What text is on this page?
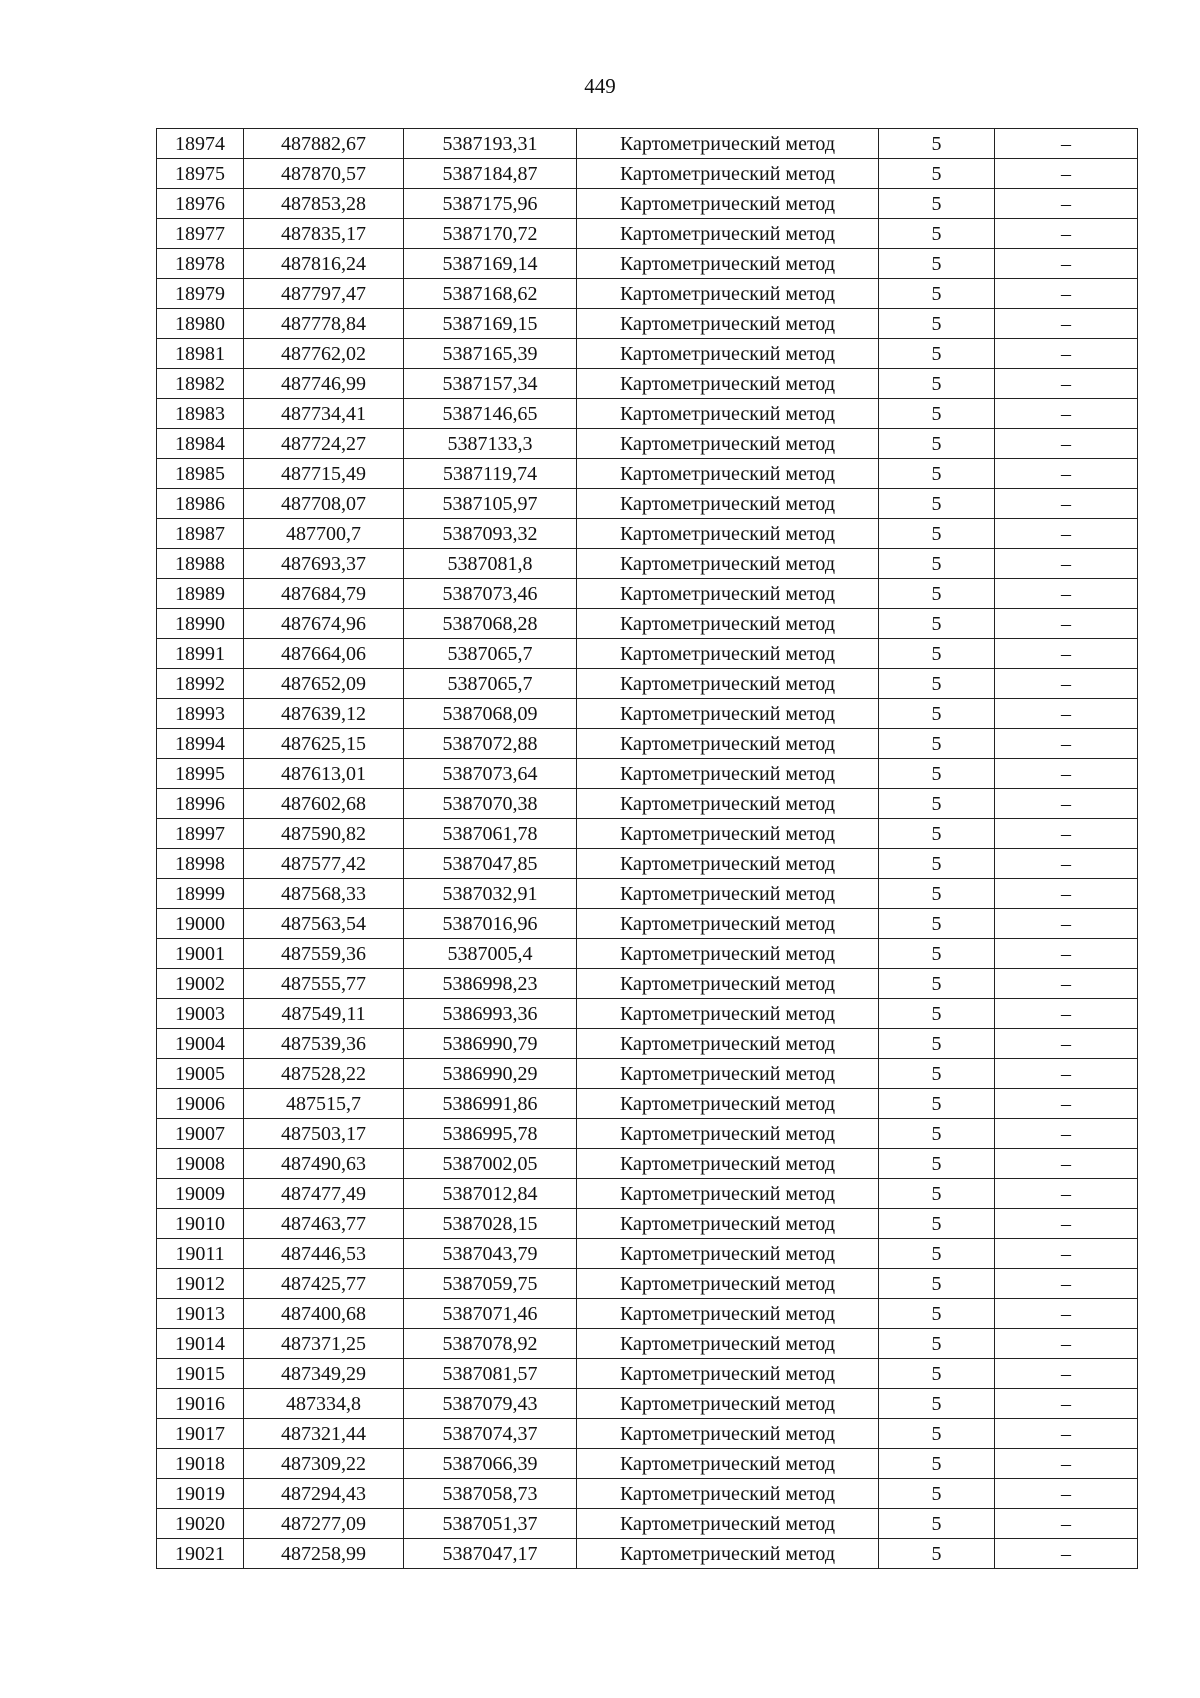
449
18974	487882,67	5387193,31	Картометрический метод	5	–
18975	487870,57	5387184,87	Картометрический метод	5	–
18976	487853,28	5387175,96	Картометрический метод	5	–
18977	487835,17	5387170,72	Картометрический метод	5	–
18978	487816,24	5387169,14	Картометрический метод	5	–
18979	487797,47	5387168,62	Картометрический метод	5	–
18980	487778,84	5387169,15	Картометрический метод	5	–
18981	487762,02	5387165,39	Картометрический метод	5	–
18982	487746,99	5387157,34	Картометрический метод	5	–
18983	487734,41	5387146,65	Картометрический метод	5	–
18984	487724,27	5387133,3	Картометрический метод	5	–
18985	487715,49	5387119,74	Картометрический метод	5	–
18986	487708,07	5387105,97	Картометрический метод	5	–
18987	487700,7	5387093,32	Картометрический метод	5	–
18988	487693,37	5387081,8	Картометрический метод	5	–
18989	487684,79	5387073,46	Картометрический метод	5	–
18990	487674,96	5387068,28	Картометрический метод	5	–
18991	487664,06	5387065,7	Картометрический метод	5	–
18992	487652,09	5387065,7	Картометрический метод	5	–
18993	487639,12	5387068,09	Картометрический метод	5	–
18994	487625,15	5387072,88	Картометрический метод	5	–
18995	487613,01	5387073,64	Картометрический метод	5	–
18996	487602,68	5387070,38	Картометрический метод	5	–
18997	487590,82	5387061,78	Картометрический метод	5	–
18998	487577,42	5387047,85	Картометрический метод	5	–
18999	487568,33	5387032,91	Картометрический метод	5	–
19000	487563,54	5387016,96	Картометрический метод	5	–
19001	487559,36	5387005,4	Картометрический метод	5	–
19002	487555,77	5386998,23	Картометрический метод	5	–
19003	487549,11	5386993,36	Картометрический метод	5	–
19004	487539,36	5386990,79	Картометрический метод	5	–
19005	487528,22	5386990,29	Картометрический метод	5	–
19006	487515,7	5386991,86	Картометрический метод	5	–
19007	487503,17	5386995,78	Картометрический метод	5	–
19008	487490,63	5387002,05	Картометрический метод	5	–
19009	487477,49	5387012,84	Картометрический метод	5	–
19010	487463,77	5387028,15	Картометрический метод	5	–
19011	487446,53	5387043,79	Картометрический метод	5	–
19012	487425,77	5387059,75	Картометрический метод	5	–
19013	487400,68	5387071,46	Картометрический метод	5	–
19014	487371,25	5387078,92	Картометрический метод	5	–
19015	487349,29	5387081,57	Картометрический метод	5	–
19016	487334,8	5387079,43	Картометрический метод	5	–
19017	487321,44	5387074,37	Картометрический метод	5	–
19018	487309,22	5387066,39	Картометрический метод	5	–
19019	487294,43	5387058,73	Картометрический метод	5	–
19020	487277,09	5387051,37	Картометрический метод	5	–
19021	487258,99	5387047,17	Картометрический метод	5	–
